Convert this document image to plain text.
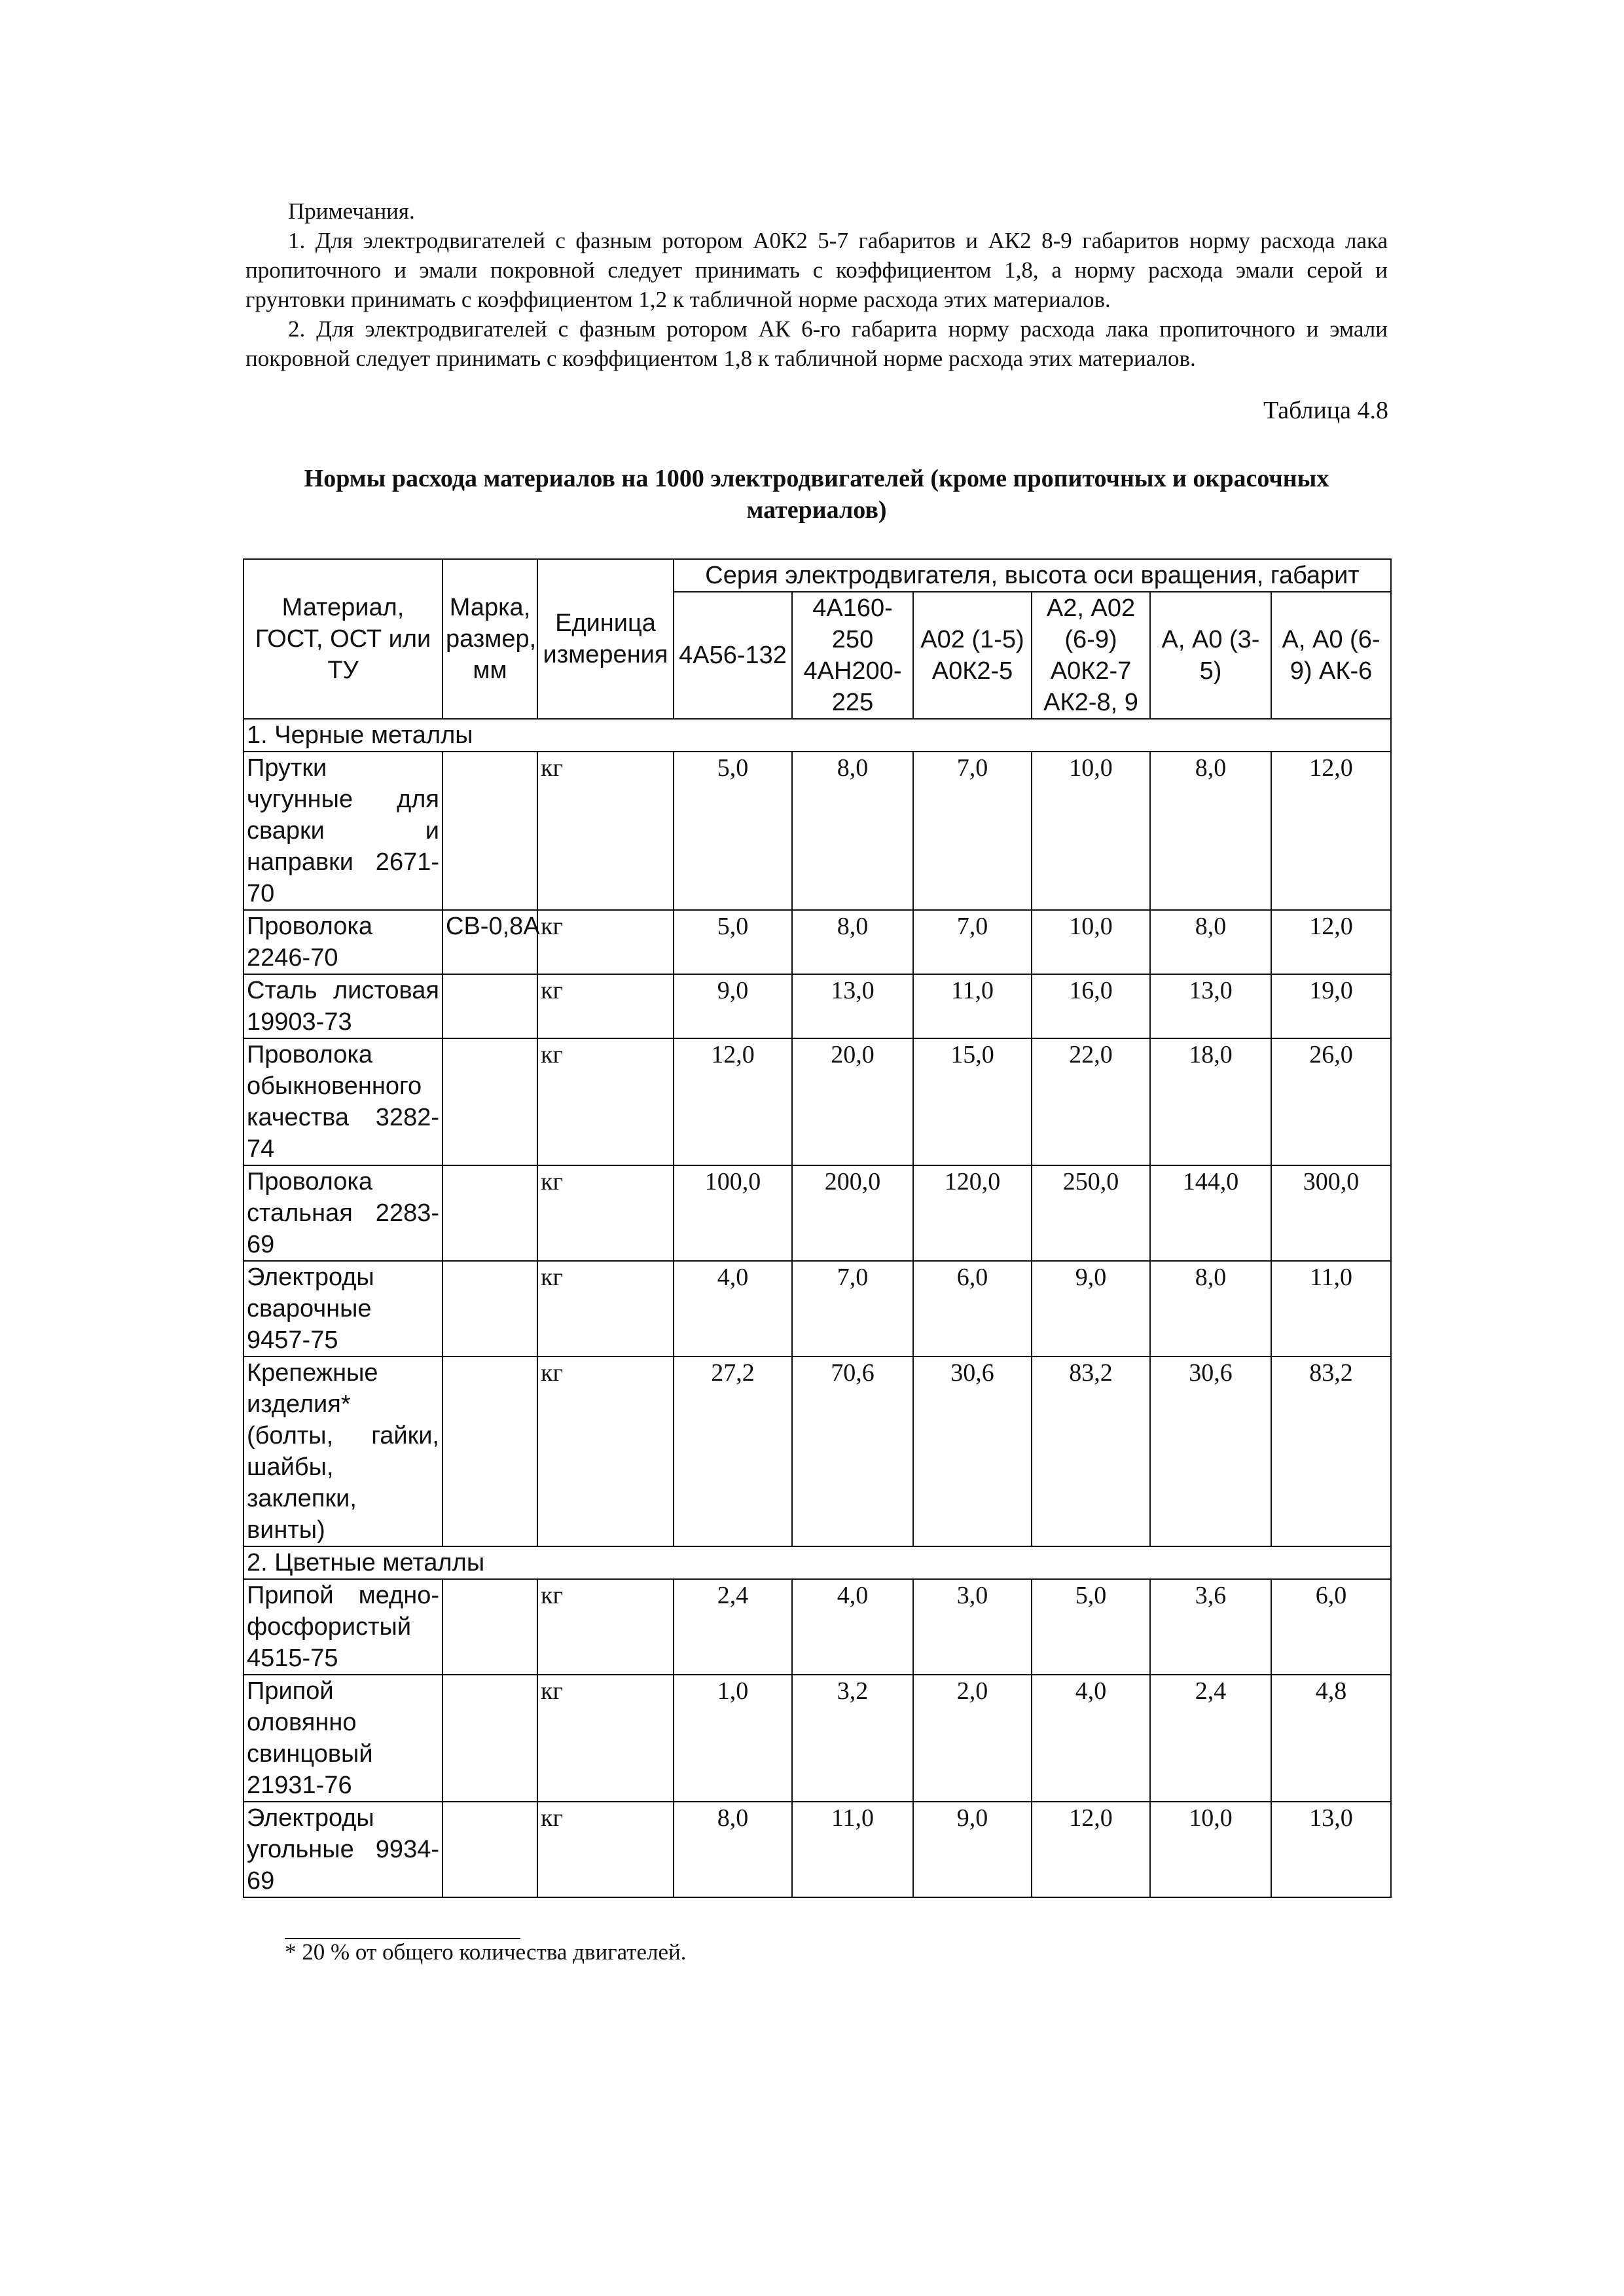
Примечания.

1. Для электродвигателей с фазным ротором А0К2 5-7 габаритов и АК2 8-9 габаритов норму расхода лака пропиточного и эмали покровной следует принимать с коэффициентом 1,8, а норму расхода эмали серой и грунтовки принимать с коэффициентом 1,2 к табличной норме расхода этих материалов.

2. Для электродвигателей с фазным ротором АК 6-го габарита норму расхода лака пропиточного и эмали покровной следует принимать с коэффициентом 1,8 к табличной норме расхода этих материалов.

Таблица 4.8
Нормы расхода материалов на 1000 электродвигателей (кроме пропиточных и окрасочных материалов)
Материал, ГОСТ, ОСТ или ТУ	Марка, размер, мм	Единица измерения	Серия электродвигателя, высота оси вращения, габарит					
			4А56-132	4А160-250 4АН200-225	А02 (1-5) А0К2-5	А2, А02 (6-9) А0К2-7 АК2-8, 9	А, А0 (3-5)	А, А0 (6-9) АК-6
1. Черные металлы								
Прутки чугунные для сварки и направки 2671-70		кг	5,0	8,0	7,0	10,0	8,0	12,0
Проволока 2246-70	СВ-0,8А	кг	5,0	8,0	7,0	10,0	8,0	12,0
Сталь листовая 19903-73		кг	9,0	13,0	11,0	16,0	13,0	19,0
Проволока обыкновенного качества 3282-74		кг	12,0	20,0	15,0	22,0	18,0	26,0
Проволока стальная 2283-69		кг	100,0	200,0	120,0	250,0	144,0	300,0
Электроды сварочные 9457-75		кг	4,0	7,0	6,0	9,0	8,0	11,0
Крепежные изделия* (болты, гайки, шайбы, заклепки, винты)		кг	27,2	70,6	30,6	83,2	30,6	83,2
2. Цветные металлы								
Припой медно-фосфористый 4515-75		кг	2,4	4,0	3,0	5,0	3,6	6,0
Припой оловянно свинцовый 21931-76		кг	1,0	3,2	2,0	4,0	2,4	4,8
Электроды угольные 9934-69		кг	8,0	11,0	9,0	12,0	10,0	13,0
* 20 % от общего количества двигателей.
